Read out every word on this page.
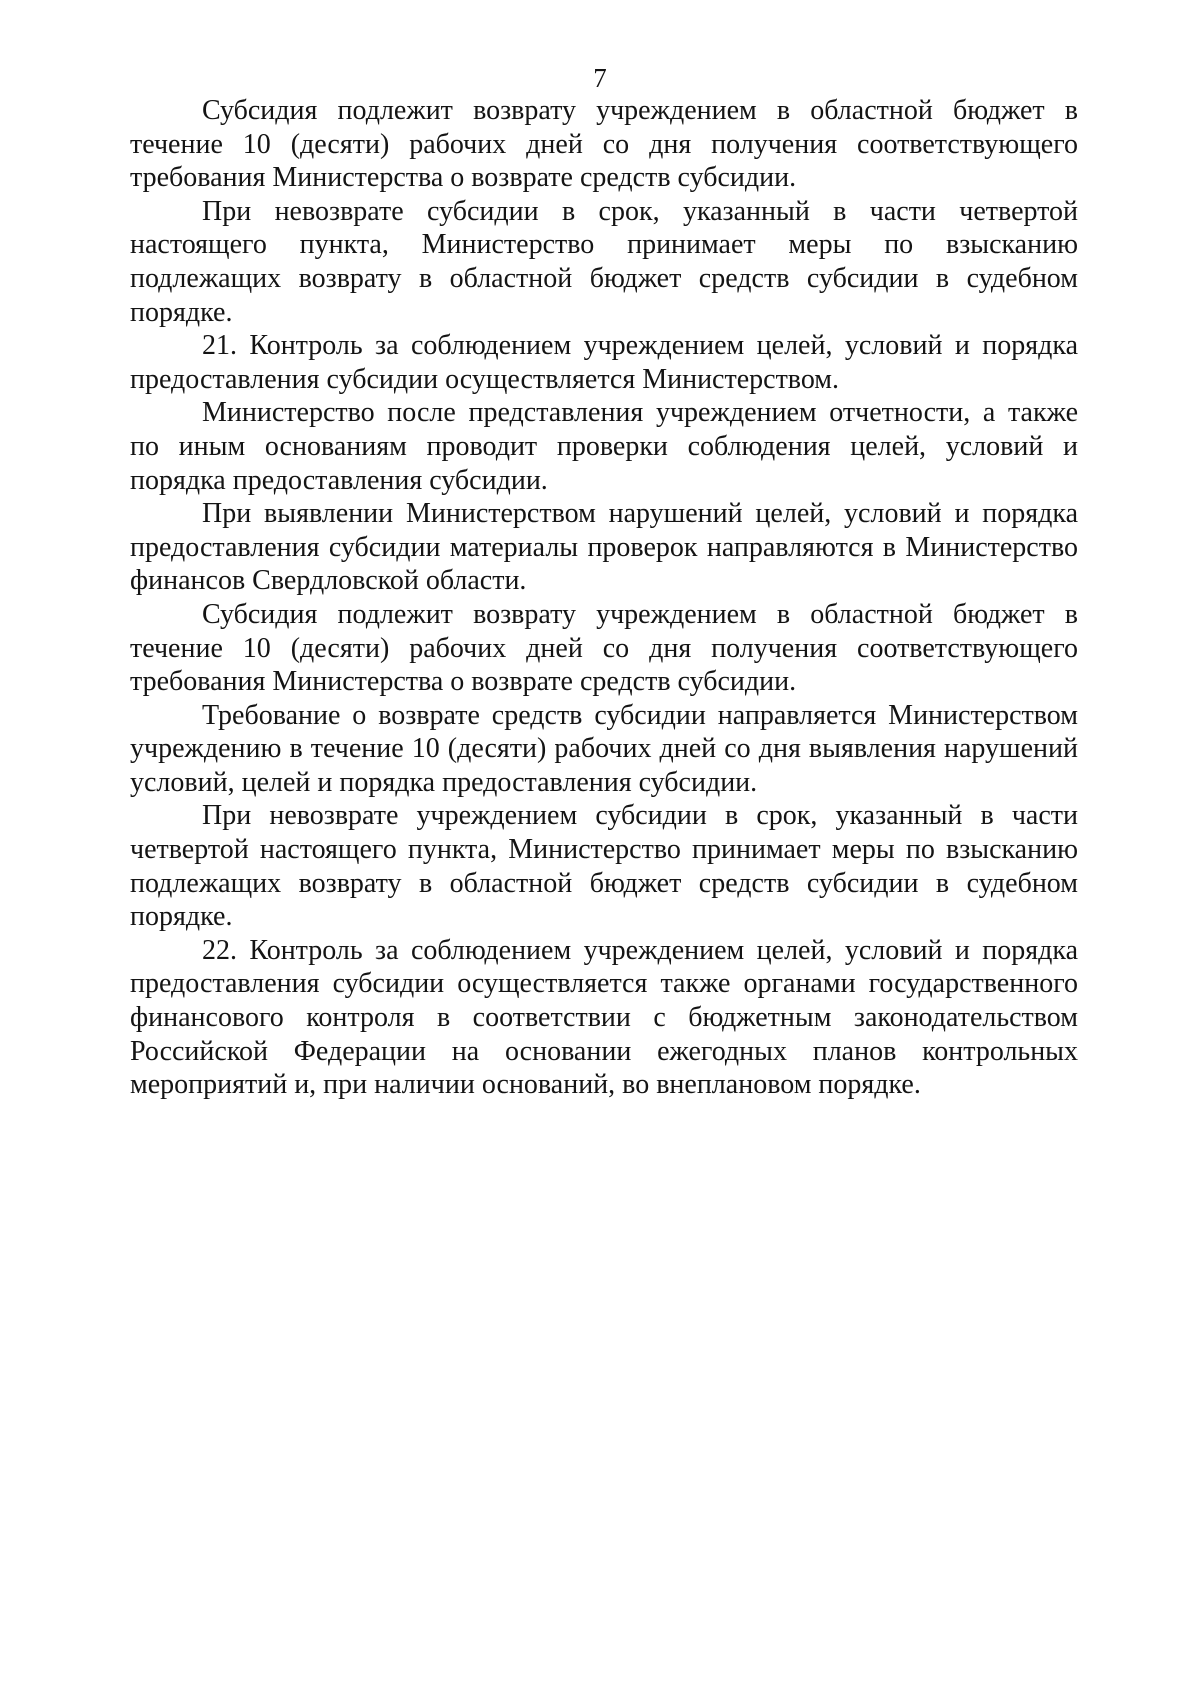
7

Субсидия подлежит возврату учреждением в областной бюджет в течение 10 (десяти) рабочих дней со дня получения соответствующего требования Министерства о возврате средств субсидии.

При невозврате субсидии в срок, указанный в части четвертой настоящего пункта, Министерство принимает меры по взысканию подлежащих возврату в областной бюджет средств субсидии в судебном порядке.

21. Контроль за соблюдением учреждением целей, условий и порядка предоставления субсидии осуществляется Министерством.

Министерство после представления учреждением отчетности, а также по иным основаниям проводит проверки соблюдения целей, условий и порядка предоставления субсидии.

При выявлении Министерством нарушений целей, условий и порядка предоставления субсидии материалы проверок направляются в Министерство финансов Свердловской области.

Субсидия подлежит возврату учреждением в областной бюджет в течение 10 (десяти) рабочих дней со дня получения соответствующего требования Министерства о возврате средств субсидии.

Требование о возврате средств субсидии направляется Министерством учреждению в течение 10 (десяти) рабочих дней со дня выявления нарушений условий, целей и порядка предоставления субсидии.

При невозврате учреждением субсидии в срок, указанный в части четвертой настоящего пункта, Министерство принимает меры по взысканию подлежащих возврату в областной бюджет средств субсидии в судебном порядке.

22. Контроль за соблюдением учреждением целей, условий и порядка предоставления субсидии осуществляется также органами государственного финансового контроля в соответствии с бюджетным законодательством Российской Федерации на основании ежегодных планов контрольных мероприятий и, при наличии оснований, во внеплановом порядке.
